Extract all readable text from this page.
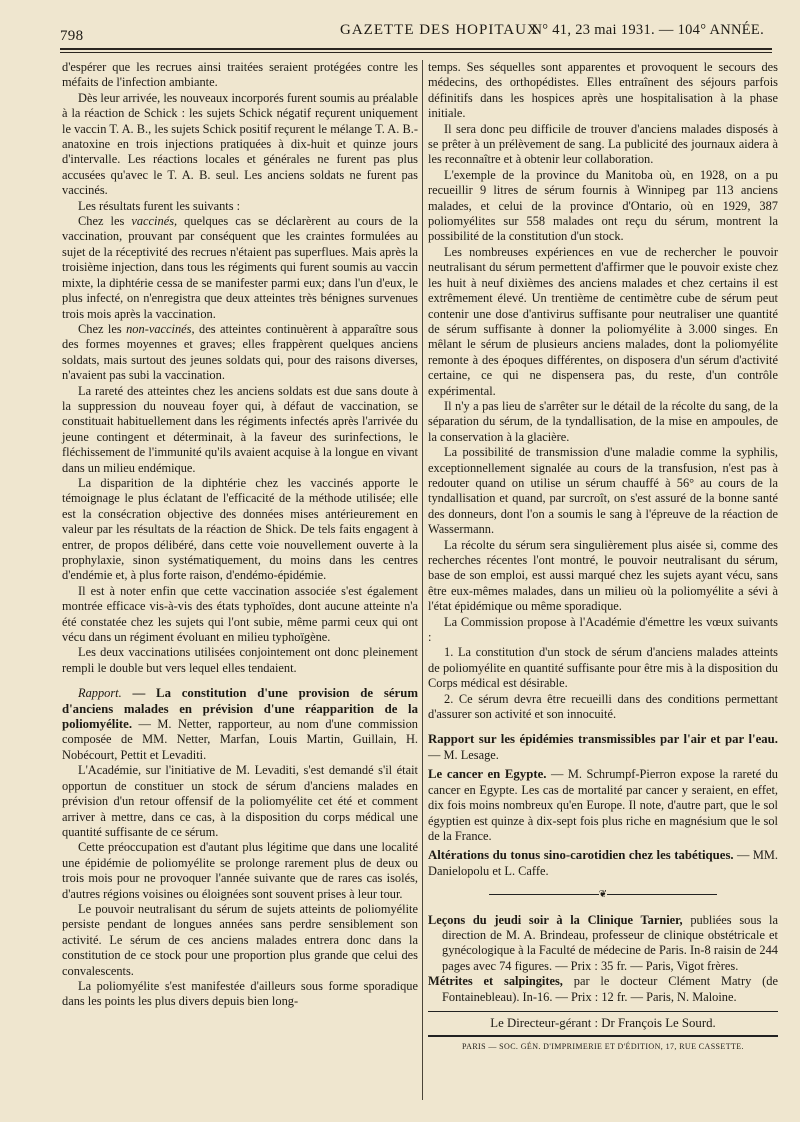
798	GAZETTE DES HOPITAUX
N° 41, 23 mai 1931. — 104° ANNÉE.

d'espérer que les recrues ainsi traitées seraient protégées contre les méfaits de l'infection ambiante.

Dès leur arrivée, les nouveaux incorporés furent soumis au préalable à la réaction de Schick : les sujets Schick négatif reçurent uniquement le vaccin T. A. B., les sujets Schick positif reçurent le mélange T. A. B.-anatoxine en trois injections pratiquées à dix-huit et quinze jours d'intervalle. Les réactions locales et générales ne furent pas plus accusées qu'avec le T. A. B. seul. Les anciens soldats ne furent pas vaccinés.

Les résultats furent les suivants :

Chez les vaccinés, quelques cas se déclarèrent au cours de la vaccination, prouvant par conséquent que les craintes formulées au sujet de la réceptivité des recrues n'étaient pas superflues. Mais après la troisième injection, dans tous les régiments qui furent soumis au vaccin mixte, la diphtérie cessa de se manifester parmi eux; dans l'un d'eux, le plus infecté, on n'enregistra que deux atteintes très bénignes survenues trois mois après la vaccination.

Chez les non-vaccinés, des atteintes continuèrent à apparaître sous des formes moyennes et graves; elles frappèrent quelques anciens soldats, mais surtout des jeunes soldats qui, pour des raisons diverses, n'avaient pas subi la vaccination.

La rareté des atteintes chez les anciens soldats est due sans doute à la suppression du nouveau foyer qui, à défaut de vaccination, se constituait habituellement dans les régiments infectés après l'arrivée du jeune contingent et déterminait, à la faveur des surinfections, le fléchissement de l'immunité qu'ils avaient acquise à la longue en vivant dans un milieu endémique.

La disparition de la diphtérie chez les vaccinés apporte le témoignage le plus éclatant de l'efficacité de la méthode utilisée; elle est la consécration objective des données mises antérieurement en valeur par les résultats de la réaction de Shick. De tels faits engagent à entrer, de propos délibéré, dans cette voie nouvellement ouverte à la prophylaxie, sinon systématiquement, du moins dans les centres d'endémie et, à plus forte raison, d'endémo-épidémie.

Il est à noter enfin que cette vaccination associée s'est également montrée efficace vis-à-vis des états typhoïdes, dont aucune atteinte n'a été constatée chez les sujets qui l'ont subie, même parmi ceux qui ont vécu dans un régiment évoluant en milieu typhoïgène.

Les deux vaccinations utilisées conjointement ont donc pleinement rempli le double but vers lequel elles tendaient.

Rapport. — La constitution d'une provision de sérum d'anciens malades en prévision d'une réapparition de la poliomyélite. — M. Netter, rapporteur, au nom d'une commission composée de MM. Netter, Marfan, Louis Martin, Guillain, H. Nobécourt, Pettit et Levaditi.

L'Académie, sur l'initiative de M. Levaditi, s'est demandé s'il était opportun de constituer un stock de sérum d'anciens malades en prévision d'un retour offensif de la poliomyélite cet été et comment arriver à mettre, dans ce cas, à la disposition du corps médical une quantité suffisante de ce sérum.

Cette préoccupation est d'autant plus légitime que dans une localité une épidémie de poliomyélite se prolonge rarement plus de deux ou trois mois pour ne provoquer l'année suivante que de rares cas isolés, d'autres régions voisines ou éloignées sont souvent prises à leur tour.

Le pouvoir neutralisant du sérum de sujets atteints de poliomyélite persiste pendant de longues années sans perdre sensiblement son activité. Le sérum de ces anciens malades entrera donc dans la constitution de ce stock pour une proportion plus grande que celui des convalescents.

La poliomyélite s'est manifestée d'ailleurs sous forme sporadique dans les points les plus divers depuis bien long-

temps. Ses séquelles sont apparentes et provoquent le secours des médecins, des orthopédistes. Elles entraînent des séjours parfois définitifs dans les hospices après une hospitalisation à la phase initiale.

Il sera donc peu difficile de trouver d'anciens malades disposés à se prêter à un prélèvement de sang. La publicité des journaux aidera à les reconnaître et à obtenir leur collaboration.

L'exemple de la province du Manitoba où, en 1928, on a pu recueillir 9 litres de sérum fournis à Winnipeg par 113 anciens malades, et celui de la province d'Ontario, où en 1929, 387 poliomyélites sur 558 malades ont reçu du sérum, montrent la possibilité de la constitution d'un stock.

Les nombreuses expériences en vue de rechercher le pouvoir neutralisant du sérum permettent d'affirmer que le pouvoir existe chez les huit à neuf dixièmes des anciens malades et chez certains il est extrêmement élevé. Un trentième de centimètre cube de sérum peut contenir une dose d'antivirus suffisante pour neutraliser une quantité de sérum suffisante à donner la poliomyélite à 3.000 singes. En mêlant le sérum de plusieurs anciens malades, dont la poliomyélite remonte à des époques différentes, on disposera d'un sérum d'activité certaine, ce qui ne dispensera pas, du reste, d'un contrôle expérimental.

Il n'y a pas lieu de s'arrêter sur le détail de la récolte du sang, de la séparation du sérum, de la tyndallisation, de la mise en ampoules, de la conservation à la glacière.

La possibilité de transmission d'une maladie comme la syphilis, exceptionnellement signalée au cours de la transfusion, n'est pas à redouter quand on utilise un sérum chauffé à 56° au cours de la tyndallisation et quand, par surcroît, on s'est assuré de la bonne santé des donneurs, dont l'on a soumis le sang à l'épreuve de la réaction de Wassermann.

La récolte du sérum sera singulièrement plus aisée si, comme des recherches récentes l'ont montré, le pouvoir neutralisant du sérum, base de son emploi, est aussi marqué chez les sujets ayant vécu, sans être eux-mêmes malades, dans un milieu où la poliomyélite a sévi à l'état épidémique ou même sporadique.

La Commission propose à l'Académie d'émettre les vœux suivants :

1. La constitution d'un stock de sérum d'anciens malades atteints de poliomyélite en quantité suffisante pour être mis à la disposition du Corps médical est désirable.

2. Ce sérum devra être recueilli dans des conditions permettant d'assurer son activité et son innocuité.

Rapport sur les épidémies transmissibles par l'air et par l'eau. — M. Lesage.

Le cancer en Egypte. — M. Schrumpf-Pierron expose la rareté du cancer en Egypte. Les cas de mortalité par cancer y seraient, en effet, dix fois moins nombreux qu'en Europe. Il note, d'autre part, que le sol égyptien est quinze à dix-sept fois plus riche en magnésium que le sol de la France.

Altérations du tonus sino-carotidien chez les tabétiques. — MM. Danielopolu et L. Caffe.

❦

Leçons du jeudi soir à la Clinique Tarnier, publiées sous la direction de M. A. Brindeau, professeur de clinique obstétricale et gynécologique à la Faculté de médecine de Paris. In-8 raisin de 244 pages avec 74 figures. — Prix : 35 fr. — Paris, Vigot frères.

Métrites et salpingites, par le docteur Clément Matry (de Fontainebleau). In-16. — Prix : 12 fr. — Paris, N. Maloine.

Le Directeur-gérant : Dr François Le Sourd.
PARIS — SOC. GÉN. D'IMPRIMERIE ET D'ÉDITION, 17, RUE CASSETTE.
